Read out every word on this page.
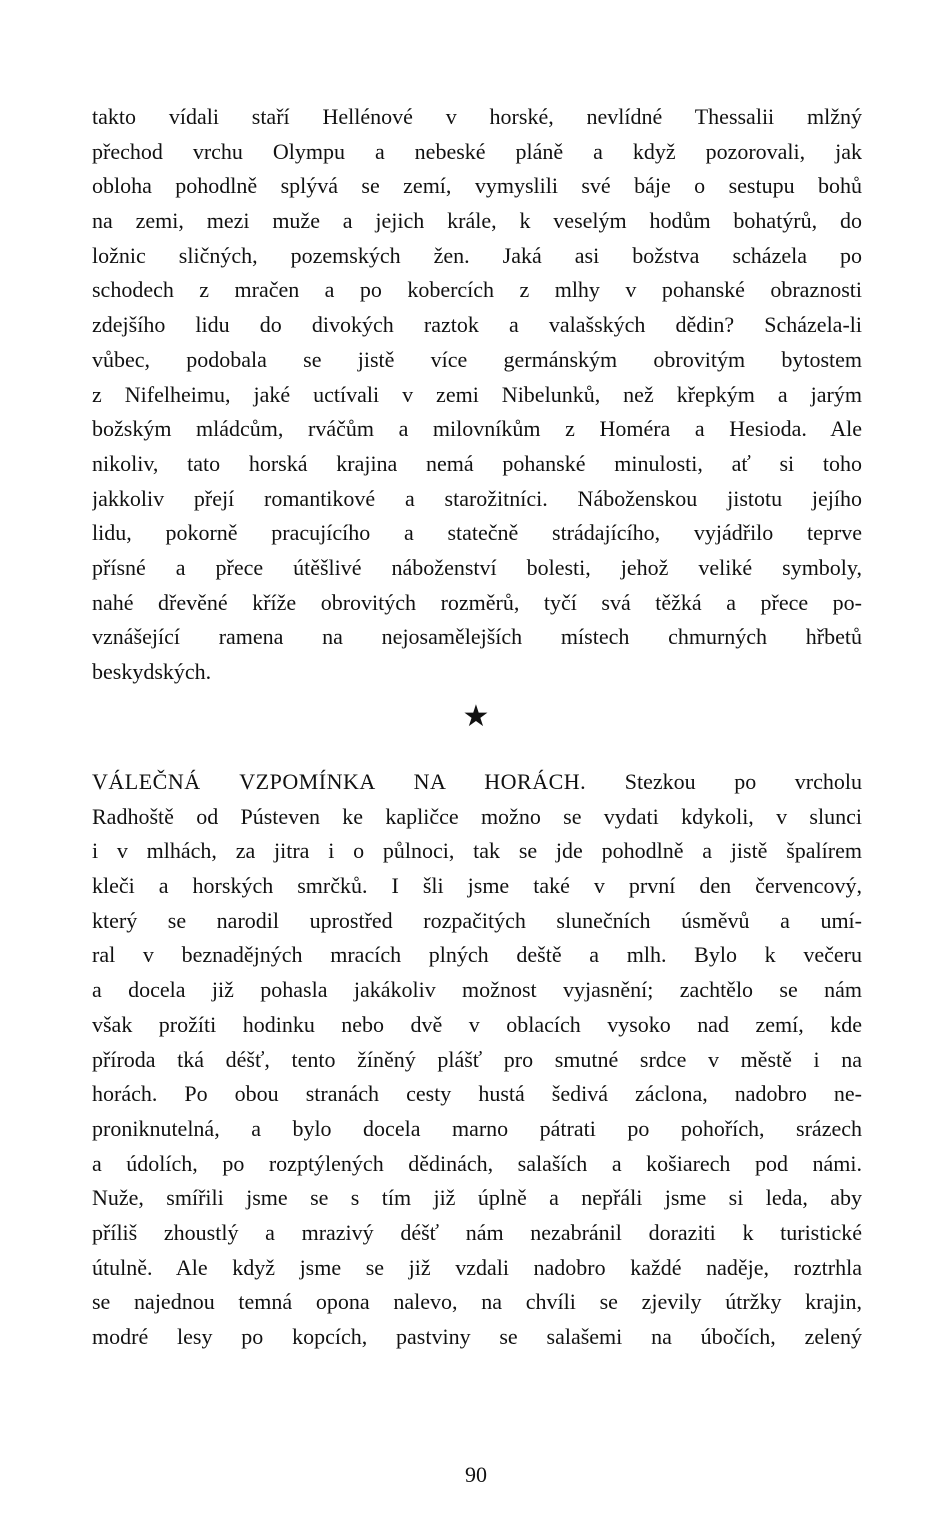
takto vídali staří Hellénové v horské, nevlídné Thessalii mlžný
přechod vrchu Olympu a nebeské pláně a když pozorovali, jak
obloha pohodlně splývá se zemí, vymyslili své báje o sestupu bohů
na zemi, mezi muže a jejich krále, k veselým hodům bohatýrů, do
ložnic sličných, pozemských žen. Jaká asi božstva scházela po
schodech z mračen a po kobercích z mlhy v pohanské obraznosti
zdejšího lidu do divokých raztok a valašských dědin? Scházela-li
vůbec, podobala se jistě více germánským obrovitým bytostem
z Nifelheimu, jaké uctívali v zemi Nibelunků, než křepkým a jarým
božským mládcům, rváčům a milovníkům z Homéra a Hesioda. Ale
nikoliv, tato horská krajina nemá pohanské minulosti, ať si toho
jakkoliv přejí romantikové a starožitníci. Náboženskou jistotu jejího
lidu, pokorně pracujícího a statečně strádajícího, vyjádřilo teprve
přísné a přece útěšlivé náboženství bolesti, jehož veliké symboly,
nahé dřevěné kříže obrovitých rozměrů, tyčí svá těžká a přece po-
vznášející ramena na nejosamělejších místech chmurných hřbetů
beskydských.
★
VÁLEČNÁ VZPOMÍNKA NA HORÁCH. Stezkou po vrcholu
Radhoště od Pústeven ke kapličce možno se vydati kdykoli, v slunci
i v mlhách, za jitra i o půlnoci, tak se jde pohodlně a jistě špalírem
kleči a horských smrčků. I šli jsme také v první den červencový,
který se narodil uprostřed rozpačitých slunečních úsměvů a umí-
ral v beznadějných mracích plných deště a mlh. Bylo k večeru
a docela již pohasla jakákoliv možnost vyjasnění; zachtělo se nám
však prožíti hodinku nebo dvě v oblacích vysoko nad zemí, kde
příroda tká déšť, tento žíněný plášť pro smutné srdce v městě i na
horách. Po obou stranách cesty hustá šedivá záclona, nadobro ne-
proniknutelná, a bylo docela marno pátrati po pohořích, srázech
a údolích, po rozptýlených dědinách, salaších a košiarech pod námi.
Nuže, smířili jsme se s tím již úplně a nepřáli jsme si leda, aby
příliš zhoustlý a mrazivý déšť nám nezabránil doraziti k turistické
útulně. Ale když jsme se již vzdali nadobro každé naděje, roztrhla
se najednou temná opona nalevo, na chvíli se zjevily útržky krajin,
modré lesy po kopcích, pastviny se salašemi na úbočích, zelený
90
